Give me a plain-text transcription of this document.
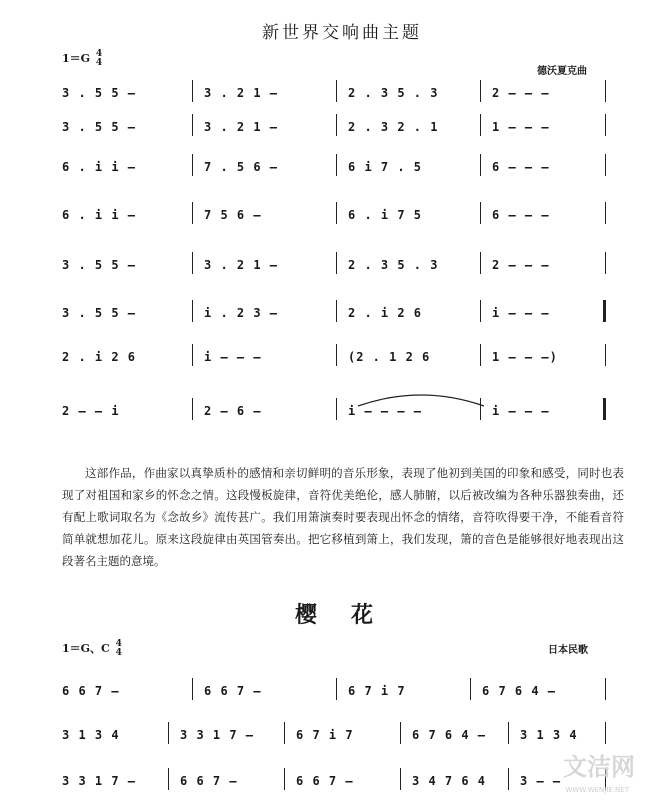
新世界交响曲主题
1＝G 4
4
德沃夏克曲
3 . 5 5 –	3 . 2 1 –	2 . 3 5 . 3	2 – – –
3 . 5 5 –	3 . 2 1 –	2 . 3 2 . 1	1 – – –
6 . i i –	7 . 5 6 –	6 i 7 . 5	6 – – –
6 . i i –	7 5 6 –	6 . i 7 5	6 – – –
3 . 5 5 –	3 . 2 1 –	2 . 3 5 . 3	2 – – –
3 . 5 5 –	i . 2 3 –	2 . i 2 6	i – – –
2 . i 2 6	i – – –	(2 . 1 2 6	1 – – –)
2 – – i	2 – 6 –	i – – – –	i – – –

这部作品，作曲家以真挚质朴的感情和亲切鲜明的音乐形象，表现了他初到美国的印象和感受，同时也表现了对祖国和家乡的怀念之情。这段慢板旋律，音符优美绝伦，感人肺腑，以后被改编为各种乐器独奏曲，还有配上歌词取名为《念故乡》流传甚广。我们用箫演奏时要表现出怀念的情绪，音符吹得要干净，不能看音符简单就想加花儿。原来这段旋律由英国管奏出。把它移植到箫上，我们发现，箫的音色是能够很好地表现出这段著名主题的意境。

樱花
1＝G、C 4
4	日本民歌
6 6 7 –	6 6 7 –	6 7 i 7	6 7 6 4 –
3 1 3 4	3 3 1 7 –	6 7 i 7	6 7 6 4 –	3 1 3 4
3 3 1 7 –	6 6 7 –	6 6 7 –	3 4 7 6 4	3 – – 文洁网
WWW.WENJIE.NET
